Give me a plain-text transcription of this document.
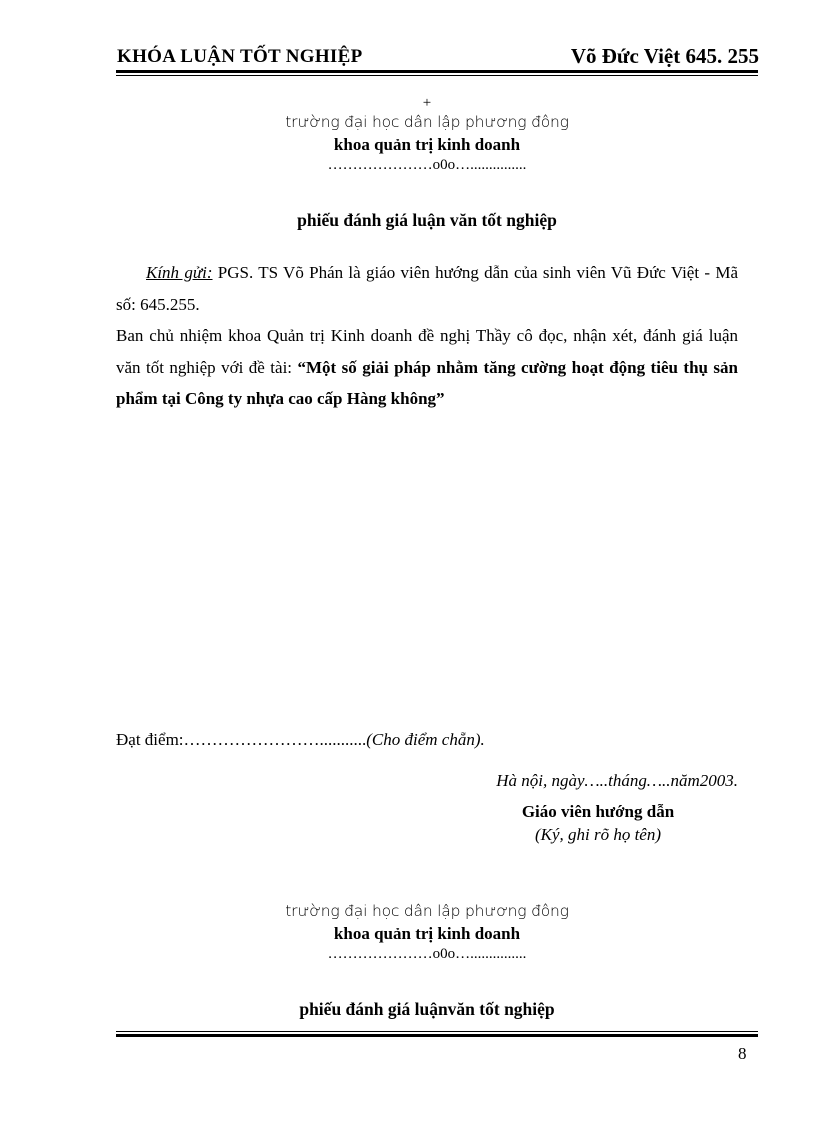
KHÓA LUẬN TỐT NGHIỆP	Võ Đức Việt 645. 255
+
trường đại học dân lập phương đông
khoa quản trị kinh doanh
…………………o0o…...............
phiếu đánh giá luận văn tốt nghiệp

Kính gửi: PGS. TS Võ Phán là giáo viên hướng dẫn của sinh viên Vũ Đức Việt - Mã số: 645.255.

Ban chủ nhiệm khoa Quản trị Kinh doanh đề nghị Thầy cô đọc, nhận xét, đánh giá luận văn tốt nghiệp với đề tài: “Một số giải pháp nhằm tăng cường hoạt động tiêu thụ sản phẩm tại Công ty nhựa cao cấp Hàng không”

Đạt điểm:……………………...........(Cho điểm chẵn).
Hà nội, ngày…..tháng…..năm2003.
Giáo viên hướng dẫn
(Ký, ghi rõ họ tên)
trường đại học dân lập phương đông
khoa quản trị kinh doanh
…………………o0o…...............
phiếu đánh giá luậnvăn tốt nghiệp
8
